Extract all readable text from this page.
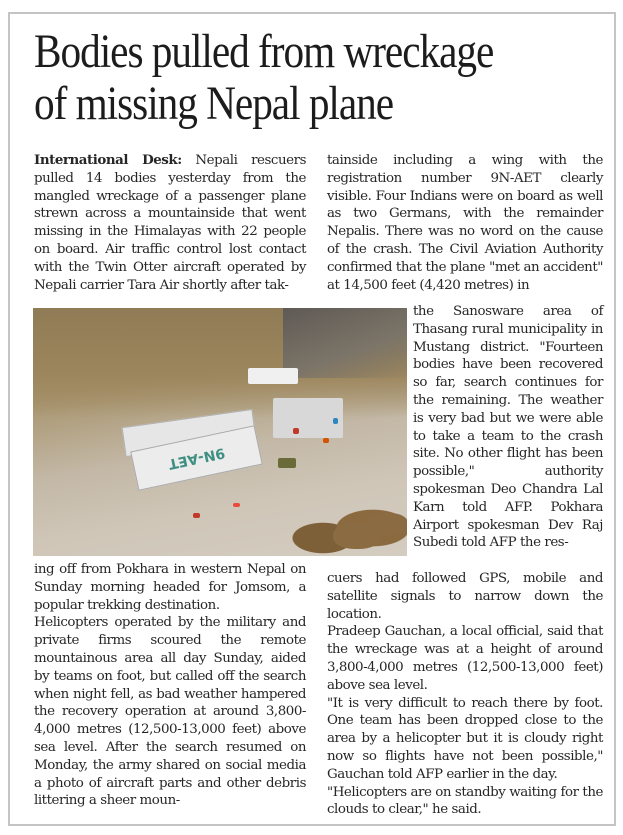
Bodies pulled from wreckage
of missing Nepal plane

International Desk: Nepali rescuers pulled 14 bodies yesterday from the mangled wreckage of a passenger plane strewn across a mountainside that went missing in the Himalayas with 22 people on board. Air traffic control lost contact with the Twin Otter aircraft operated by Nepali carrier Tara Air shortly after tak-

9N-AET

tainside including a wing with the registration number 9N-AET clearly visible. Four Indians were on board as well as two Germans, with the remainder Nepalis. There was no word on the cause of the crash. The Civil Aviation Authority confirmed that the plane "met an accident" at 14,500 feet (4,420 metres) in

the Sanosware area of Thasang rural municipality in Mustang district. "Fourteen bodies have been recovered so far, search continues for the remaining. The weather is very bad but we were able to take a team to the crash site. No other flight has been possible," authority spokesman Deo Chandra Lal Karn told AFP. Pokhara Airport spokesman Dev Raj Subedi told AFP the res-

ing off from Pokhara in western Nepal on Sunday morning headed for Jomsom, a popular trekking destination.

Helicopters operated by the military and private firms scoured the remote mountainous area all day Sunday, aided by teams on foot, but called off the search when night fell, as bad weather hampered the recovery operation at around 3,800-4,000 metres (12,500-13,000 feet) above sea level. After the search resumed on Monday, the army shared on social media a photo of aircraft parts and other debris littering a sheer moun-

cuers had followed GPS, mobile and satellite signals to narrow down the location.

Pradeep Gauchan, a local official, said that the wreckage was at a height of around 3,800-4,000 metres (12,500-13,000 feet) above sea level.

"It is very difficult to reach there by foot. One team has been dropped close to the area by a helicopter but it is cloudy right now so flights have not been possible," Gauchan told AFP earlier in the day.

"Helicopters are on standby waiting for the clouds to clear," he said.
